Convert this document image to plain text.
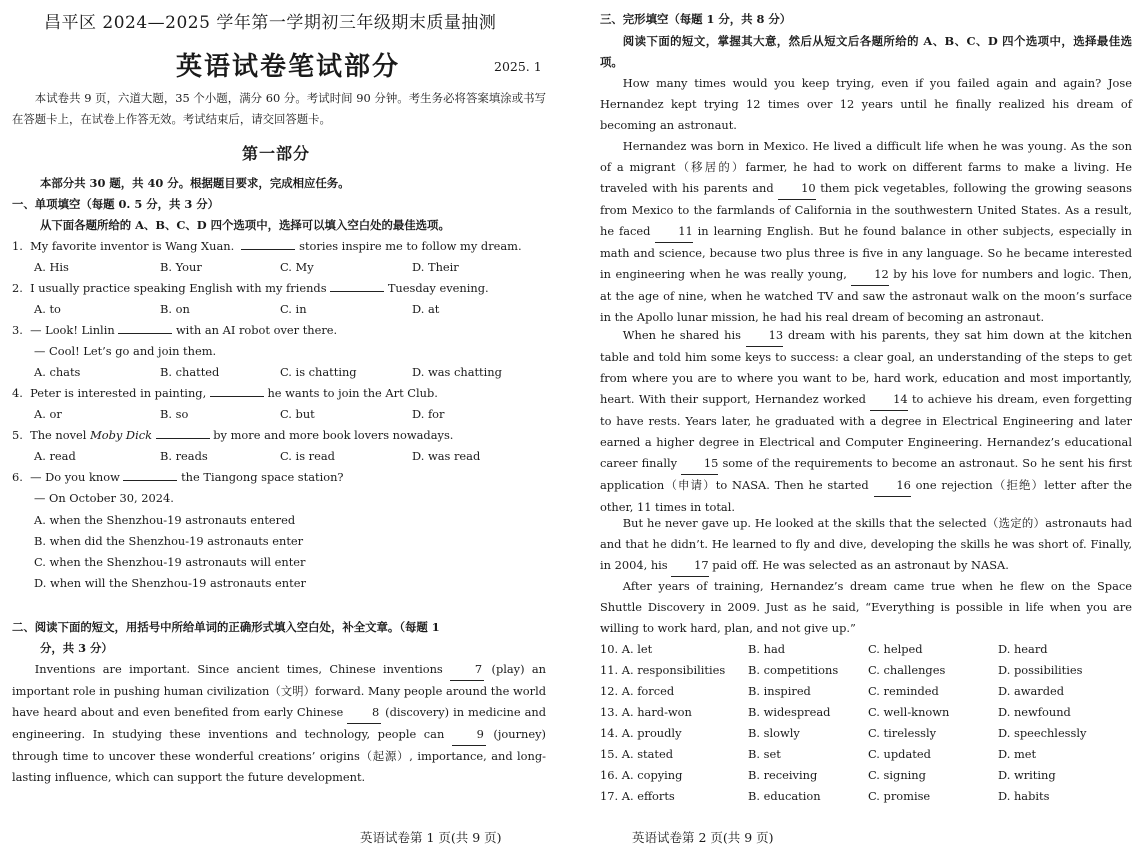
昌平区 2024—2025 学年第一学期初三年级期末质量抽测
英语试卷笔试部分	2025. 1
本试卷共 9 页，六道大题，35 个小题，满分 60 分。考试时间 90 分钟。考生务必将答案填涂或书写在答题卡上，在试卷上作答无效。考试结束后，请交回答题卡。
第一部分
本部分共 30 题，共 40 分。根据题目要求，完成相应任务。
一、单项填空（每题 0. 5 分，共 3 分）
从下面各题所给的 A、B、C、D 四个选项中，选择可以填入空白处的最佳选项。
1. My favorite inventor is Wang Xuan.	stories inspire me to follow my dream.
A. His	B. Your	C. My	D. Their
2. I usually practice speaking English with my friends	Tuesday evening.
A. to	B. on	C. in	D. at
3. — Look! Linlin	with an AI robot over there.
— Cool! Let’s go and join them.
A. chats	B. chatted	C. is chatting	D. was chatting
4. Peter is interested in painting,	he wants to join the Art Club.
A. or	B. so	C. but	D. for
5. The novel Moby Dick	by more and more book lovers nowadays.
A. read	B. reads	C. is read	D. was read
6. — Do you know	the Tiangong space station?
— On October 30, 2024.
A. when the Shenzhou-19 astronauts entered
B. when did the Shenzhou-19 astronauts enter
C. when the Shenzhou-19 astronauts will enter
D. when will the Shenzhou-19 astronauts enter
二、阅读下面的短文，用括号中所给单词的正确形式填入空白处，补全文章。（每题 1
分，共 3 分）
Inventions are important. Since ancient times, Chinese inventions	7 (play) an important role in pushing human civilization（文明）forward. Many people around the world have heard about and even benefited from early Chinese	8 (discovery) in medicine and engineering. In studying these inventions and technology, people can	9 (journey) through time to uncover these wonderful creations’ origins（起源）, importance, and long-lasting influence, which can support the future development.
英语试卷第 1 页(共 9 页)
三、完形填空（每题 1 分，共 8 分）
阅读下面的短文，掌握其大意，然后从短文后各题所给的 A、B、C、D 四个选项中，选择最佳选项。
How many times would you keep trying, even if you failed again and again? Jose Hernandez kept trying 12 times over 12 years until he finally realized his dream of becoming an astronaut.
Hernandez was born in Mexico. He lived a difficult life when he was young. As the son of a migrant（移居的）farmer, he had to work on different farms to make a living. He traveled with his parents and 10 them pick vegetables, following the growing seasons from Mexico to the farmlands of California in the southwestern United States. As a result, he faced 11 in learning English. But he found balance in other subjects, especially in math and science, because two plus three is five in any language. So he became interested in engineering when he was really young, 12 by his love for numbers and logic. Then, at the age of nine, when he watched TV and saw the astronaut walk on the moon’s surface in the Apollo lunar mission, he had his real dream of becoming an astronaut.
When he shared his 13 dream with his parents, they sat him down at the kitchen table and told him some keys to success: a clear goal, an understanding of the steps to get from where you are to where you want to be, hard work, education and most importantly, heart. With their support, Hernandez worked 14 to achieve his dream, even forgetting to have rests. Years later, he graduated with a degree in Electrical Engineering and later earned a higher degree in Electrical and Computer Engineering. Hernandez’s educational career finally 15 some of the requirements to become an astronaut. So he sent his first application（申请）to NASA. Then he started 16 one rejection（拒绝）letter after the other, 11 times in total.
But he never gave up. He looked at the skills that the selected（选定的）astronauts had and that he didn’t. He learned to fly and dive, developing the skills he was short of. Finally, in 2004, his 17 paid off. He was selected as an astronaut by NASA.
After years of training, Hernandez’s dream came true when he flew on the Space Shuttle Discovery in 2009. Just as he said, “Everything is possible in life when you are willing to work hard, plan, and not give up.”
10. A. let	B. had	C. helped	D. heard
11. A. responsibilities B. competitions	C. challenges	D. possibilities
12. A. forced	B. inspired	C. reminded	D. awarded
13. A. hard-won	B. widespread	C. well-known	D. newfound
14. A. proudly	B. slowly	C. tirelessly	D. speechlessly
15. A. stated	B. set	C. updated	D. met
16. A. copying	B. receiving	C. signing	D. writing
17. A. efforts	B. education	C. promise	D. habits
英语试卷第 2 页(共 9 页)
